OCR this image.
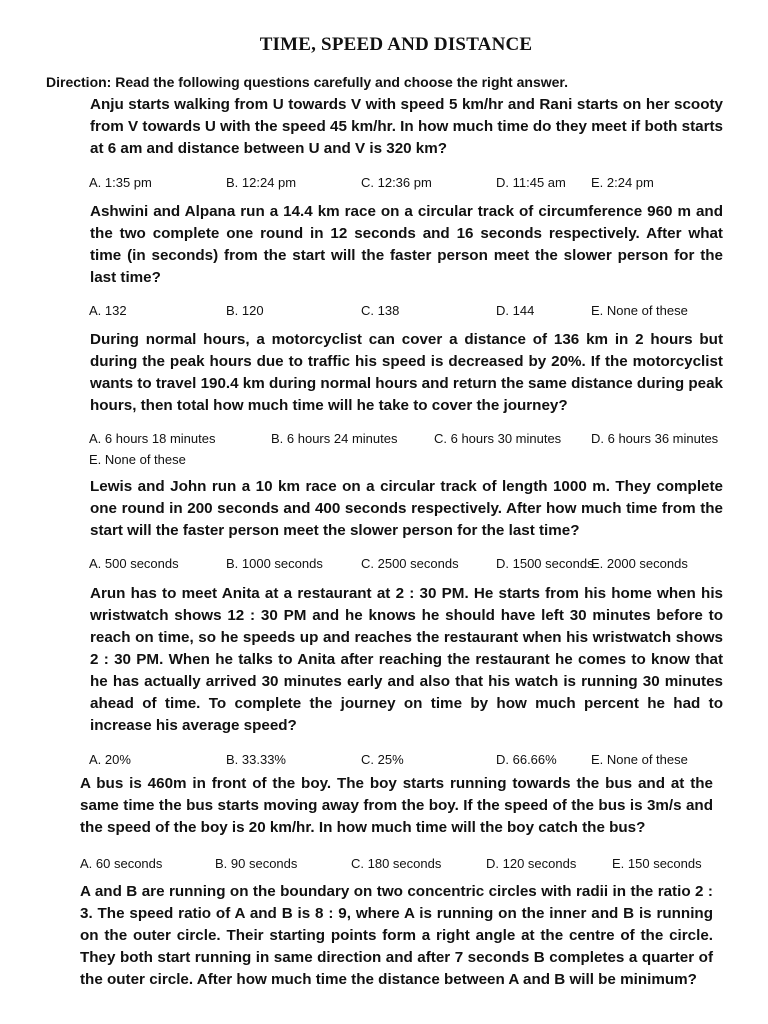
TIME, SPEED AND DISTANCE
Direction: Read the following questions carefully and choose the right answer.

Anju starts walking from U towards V with speed 5 km/hr and Rani starts on her scooty from V towards U with the speed 45 km/hr. In how much time do they meet if both starts at 6 am and distance between U and V is 320 km?

A. 1:35 pm	B. 12:24 pm	C. 12:36 pm	D. 11:45 am E. 2:24 pm

Ashwini and Alpana run a 14.4 km race on a circular track of circumference 960 m and the two complete one round in 12 seconds and 16 seconds respectively. After what time (in seconds) from the start will the faster person meet the slower person for the last time?

A. 132	B. 120	C. 138	D. 144	E. None of these

During normal hours, a motorcyclist can cover a distance of 136 km in 2 hours but during the peak hours due to traffic his speed is decreased by 20%. If the motorcyclist wants to travel 190.4 km during normal hours and return the same distance during peak hours, then total how much time will he take to cover the journey?

A. 6 hours 18 minutes	B. 6 hours 24 minutes	C. 6 hours 30 minutes D. 6 hours 36 minutes
E. None of these

Lewis and John run a 10 km race on a circular track of length 1000 m. They complete one round in 200 seconds and 400 seconds respectively. After how much time from the start will the faster person meet the slower person for the last time?

A. 500 seconds	B. 1000 seconds	C. 2500 seconds	D. 1500 seconds
E. 2000 seconds

Arun has to meet Anita at a restaurant at 2 : 30 PM. He starts from his home when his wristwatch shows 12 : 30 PM and he knows he should have left 30 minutes before to reach on time, so he speeds up and reaches the restaurant when his wristwatch shows 2 : 30 PM. When he talks to Anita after reaching the restaurant he comes to know that he has actually arrived 30 minutes early and also that his watch is running 30 minutes ahead of time. To complete the journey on time by how much percent he had to increase his average speed?

A. 20%	B. 33.33%	C. 25%	D. 66.66%	E. None of these

A bus is 460m in front of the boy. The boy starts running towards the bus and at the same time the bus starts moving away from the boy. If the speed of the bus is 3m/s and the speed of the boy is 20 km/hr. In how much time will the boy catch the bus?

A. 60 seconds	B. 90 seconds	C. 180 seconds	D. 120 seconds	E. 150 seconds

A and B are running on the boundary on two concentric circles with radii in the ratio 2 : 3. The speed ratio of A and B is 8 : 9, where A is running on the inner and B is running on the outer circle. Their starting points form a right angle at the centre of the circle. They both start running in same direction and after 7 seconds B completes a quarter of the outer circle. After how much time the distance between A and B will be minimum?
